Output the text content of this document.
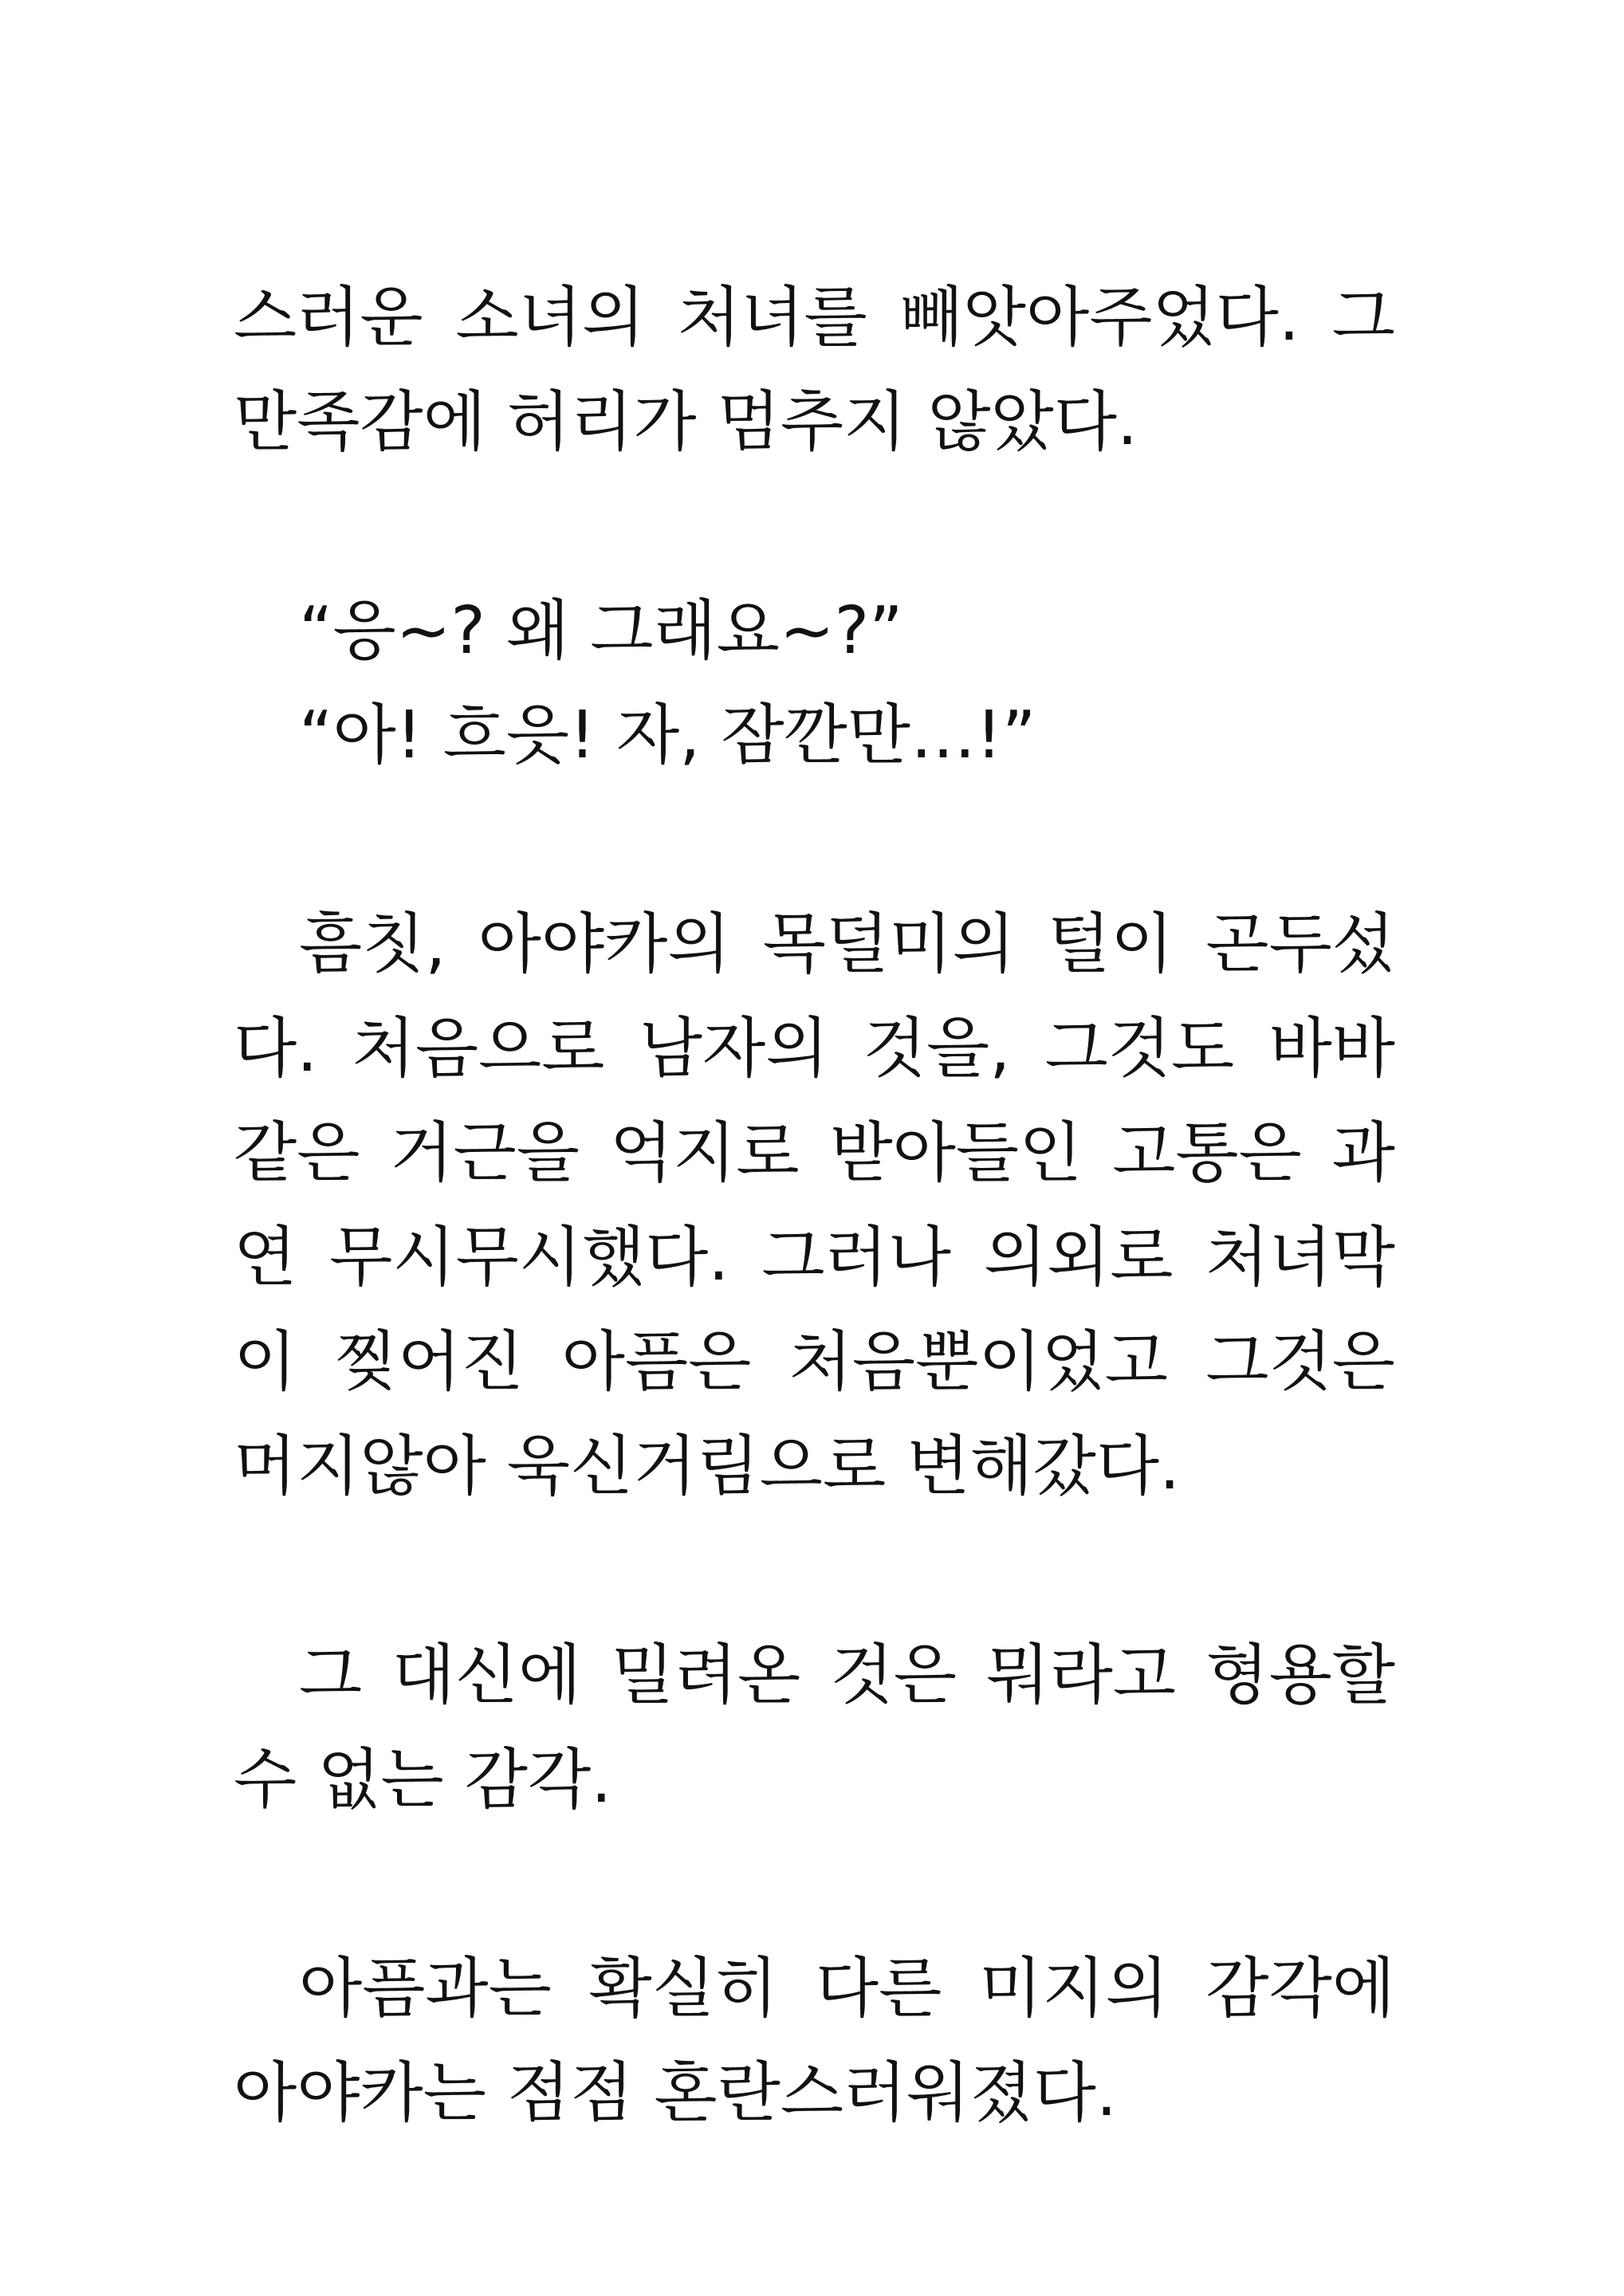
스러운 소녀의 처녀를 빼앗아주었다. 그 만족감에 허리가 멈추지 않았다.

“응~? 왜 그래요~?”

“아! 흐읏! 자, 잠깐만…!”

흠칫, 아야카의 목덜미의 털이 곤두섰다. 처음으로 남자의 것을, 그것도 바바 같은 거근을 억지로 받아들인 고통은 과연 무시무시했다. 그러나 의외로 처녀막이 찢어진 아픔은 처음뿐이었고 그것은 머지않아 욱신거림으로 변해갔다.

그 대신에 밀려온 것은 뭐라고 형용할 수 없는 감각.

아픔과는 확실히 다른 미지의 감각에 아야카는 점점 혼란스러워졌다.
